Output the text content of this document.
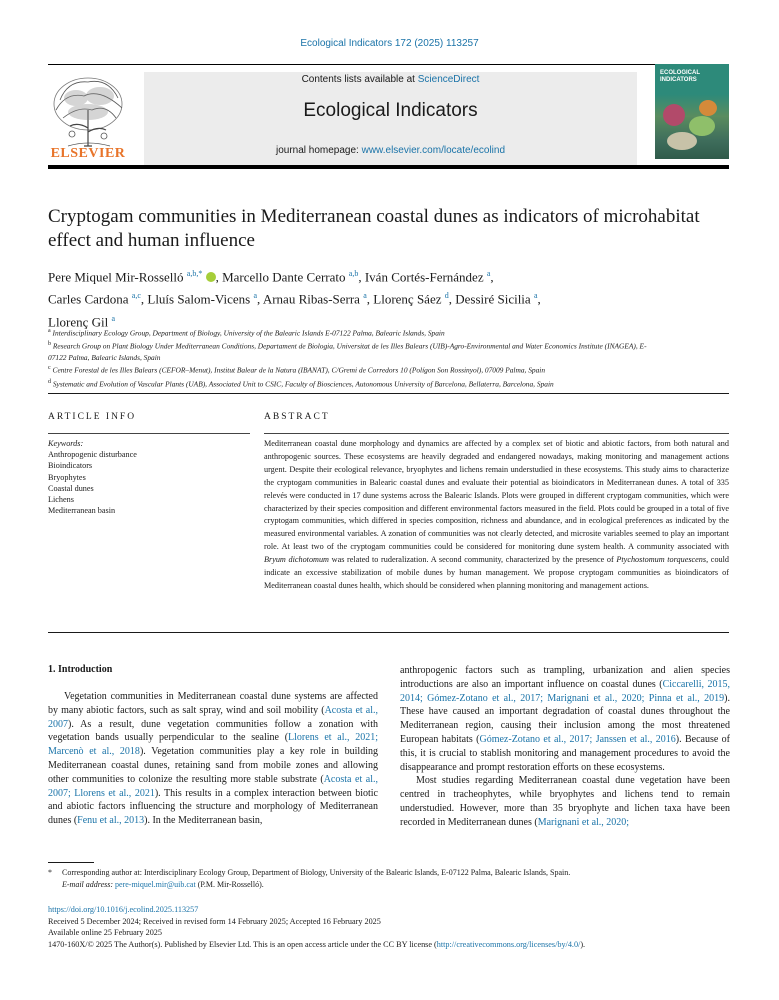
Ecological Indicators 172 (2025) 113257
ELSEVIER
Contents lists available at ScienceDirect
Ecological Indicators
journal homepage: www.elsevier.com/locate/ecolind
ECOLOGICAL INDICATORS
Cryptogam communities in Mediterranean coastal dunes as indicators of microhabitat effect and human influence
Pere Miquel Mir-Rosselló $^{a,b,*}$ , Marcello Dante Cerrato $^{a,b}$, Iván Cortés-Fernández $^a$,
Carles Cardona $^{a,c}$, Lluís Salom-Vicens $^a$, Arnau Ribas-Serra $^a$, Llorenç Sáez $^d$, Dessiré Sicilia $^a$,
Llorenç Gil $^a$

$^a$ Interdisciplinary Ecology Group, Department of Biology, University of the Balearic Islands E-07122 Palma, Balearic Islands, Spain

$^b$ Research Group on Plant Biology Under Mediterranean Conditions, Departament de Biologia, Universitat de les Illes Balears (UIB)-Agro-Environmental and Water Economics Institute (INAGEA), E-07122 Palma, Balearic Islands, Spain

$^c$ Centre Forestal de les Illes Balears (CEFOR–Menut), Institut Balear de la Natura (IBANAT), C/Gremi de Corredors 10 (Polígon Son Rossinyol), 07009 Palma, Spain

$^d$ Systematic and Evolution of Vascular Plants (UAB), Associated Unit to CSIC, Faculty of Biosciences, Autonomous University of Barcelona, Bellaterra, Barcelona, Spain

ARTICLE INFO	ABSTRACT

Keywords:

Anthropogenic disturbance

Bioindicators

Bryophytes

Coastal dunes

Lichens

Mediterranean basin

Mediterranean coastal dune morphology and dynamics are affected by a complex set of biotic and abiotic factors, from both natural and anthropogenic sources. These ecosystems are heavily degraded and endangered nowadays, making monitoring and management actions urgent. Despite their ecological relevance, bryophytes and lichens remain understudied in these ecosystems. This study aims to characterize the cryptogam communities in Balearic coastal dunes and evaluate their potential as bioindicators in Mediterranean dunes. A total of 335 relevés were conducted in 17 dune systems across the Balearic Islands. Plots were grouped in different cryptogam communities, which were characterized by their species composition and different environmental factors measured in the field. Plots could be grouped in a total of five cryptogam communities, which differed in species composition, richness and abundance, and in ecological preferences as indicated by the measured environmental variables. A zonation of communities was not clearly detected, and microsite variables seemed to play an important role. At least two of the cryptogam communities could be considered for monitoring dune system health. A community associated with Bryum dichotomum was related to ruderalization. A second community, characterized by the presence of Ptychostomum torquescens, could indicate an excessive stabilization of mobile dunes by human management. We propose cryptogam communities as bioindicators of Mediterranean coastal dunes health, which should be considered when planning monitoring and management actions.
1. Introduction

Vegetation communities in Mediterranean coastal dune systems are affected by many abiotic factors, such as salt spray, wind and soil mobility (Acosta et al., 2007). As a result, dune vegetation communities follow a zonation with vegetation bands usually perpendicular to the sealine (Llorens et al., 2021; Marcenò et al., 2018). Vegetation communities play a key role in building Mediterranean coastal dunes, retaining sand from mobile zones and allowing other communities to colonize the resulting more stable substrate (Acosta et al., 2007; Llorens et al., 2021). This results in a complex interaction between biotic and abiotic factors influencing the structure and morphology of Mediterranean dunes (Fenu et al., 2013). In the Mediterranean basin,

anthropogenic factors such as trampling, urbanization and alien species introductions are also an important influence on coastal dunes (Ciccarelli, 2015, 2014; Gómez-Zotano et al., 2017; Marignani et al., 2020; Pinna et al., 2019). These have caused an important degradation of coastal dunes throughout the Mediterranean region, causing their inclusion among the most threatened European habitats (Gómez-Zotano et al., 2017; Janssen et al., 2016). Because of this, it is crucial to stablish monitoring and management procedures to avoid the disappearance and prompt restoration efforts on these ecosystems.

Most studies regarding Mediterranean coastal dune vegetation have been centred in tracheophytes, while bryophytes and lichens tend to remain understudied. However, more than 35 bryophyte and lichen taxa have been recorded in Mediterranean dunes (Marignani et al., 2020;

* Corresponding author at: Interdisciplinary Ecology Group, Department of Biology, University of the Balearic Islands, E-07122 Palma, Balearic Islands, Spain.

E-mail address: pere-miquel.mir@uib.cat (P.M. Mir-Rosselló).

https://doi.org/10.1016/j.ecolind.2025.113257

Received 5 December 2024; Received in revised form 14 February 2025; Accepted 16 February 2025

Available online 25 February 2025

1470-160X/© 2025 The Author(s). Published by Elsevier Ltd. This is an open access article under the CC BY license (http://creativecommons.org/licenses/by/4.0/).
